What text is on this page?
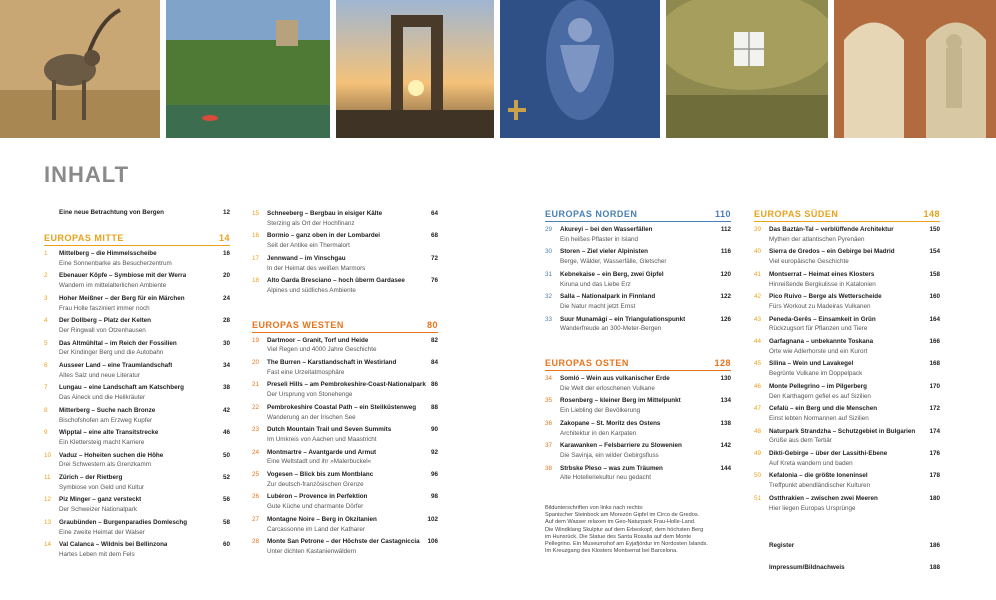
INHALT
Eine neue Betrachtung von Bergen	12
EUROPAS MITTE	14
1 Mittelberg – die Himmelsscheibe	16
Eine Sonnenbarke als Besucherzentrum
2 Ebenauer Köpfe – Symbiose mit der Werra	20
Wandern im mittelalterlichen Ambiente
3 Hoher Meißner – der Berg für ein Märchen	24
Frau Holle fasziniert immer noch
4 Der Dollberg – Platz der Kelten	28
Der Ringwall von Otzenhausen
5 Das Altmühltal – im Reich der Fossilien	30
Der Kindinger Berg und die Autobahn
6 Ausseer Land – eine Traumlandschaft	34
Altes Salz und neue Literatur
7 Lungau – eine Landschaft am Katschberg	38
Das Aineck und die Heilkräuter
8 Mitterberg – Suche nach Bronze	42
Bischofshofen am Erzweg Kupfer
9 Wipptal – eine alte Transitstrecke	46
Ein Klettersteig macht Karriere
10 Vaduz – Hoheiten suchen die Höhe	50
Drei Schwestern als Grenzkamm
11 Zürich – der Rietberg	52
Symbiose von Geld und Kultur
12 Piz Minger – ganz versteckt	56
Der Schweizer Nationalpark
13 Graubünden – Burgenparadies Domleschg	58
Eine zweite Heimat der Walser
14 Val Calanca – Wildnis bei Bellinzona	60
Hartes Leben mit dem Fels
15 Schneeberg – Bergbau in eisiger Kälte	64
Sterzing als Ort der Hochfinanz
16 Bormio – ganz oben in der Lombardei	68
Seit der Antike ein Thermalort
17 Jennwand – im Vinschgau	72
In der Heimat des weißen Marmors
18 Alto Garda Bresciano – hoch überm Gardasee	76
Alpines und südliches Ambiente
EUROPAS WESTEN	80
19 Dartmoor – Granit, Torf und Heide	82
Viel Regen und 4000 Jahre Geschichte
20 The Burren – Karstlandschaft in Westirland	84
Fast eine Urzeitatmosphäre
21 Preseli Hills – am Pembrokeshire-Coast-Nationalpark 86
Der Ursprung von Stonehenge
22 Pembrokeshire Coastal Path – ein Steilküstenweg	88
Wanderung an der Irischen See
23 Dutch Mountain Trail und Seven Summits	90
Im Umkreis von Aachen und Maastricht
24 Montmartre – Avantgarde und Armut	92
Eine Weltstadt und ihr »Malerbuckel«
25 Vogesen – Blick bis zum Montblanc	96
Zur deutsch-französischen Grenze
26 Lubéron – Provence in Perfektion	98
Gute Küche und charmante Dörfer
27 Montagne Noire – Berg in Okzitanien	102
Carcassonne im Land der Katharer
28 Monte San Petrone – der Höchste der Castagniccia	106
Unter dichten Kastanienwäldern
EUROPAS NORDEN	110
29 Akureyi – bei den Wasserfällen	112
Ein heißes Pflaster in Island
30 Storen – Ziel vieler Alpinisten	116
Berge, Wälder, Wasserfälle, Gletscher
31 Kebnekaise – ein Berg, zwei Gipfel	120
Kiruna und das Liebe Erz
32 Salla – Nationalpark in Finnland	122
Die Natur macht jetzt Ernst
33 Suur Munamägi – ein Triangulationspunkt	126
Wanderfreude an 300-Meter-Bergen
EUROPAS OSTEN	128
34 Somló – Wein aus vulkanischer Erde	130
Die Welt der erloschenen Vulkane
35 Rosenberg – kleiner Berg im Mittelpunkt	134
Ein Liebling der Bevölkerung
36 Zakopane – St. Moritz des Ostens	138
Architektur in den Karpaten
37 Karawanken – Felsbarriere zu Slowenien	142
Die Savinja, ein wilder Gebirgsfluss
38 Strbske Pleso – was zum Träumen	144
Alte Hotelleriekultur neu gedacht
Bildunterschriften von links nach rechts:
Spanischer Steinbock am Morezón Gipfel im Circo de Gredos.
Auf dem Wasser relaxen im Geo-Naturpark Frau-Holle-Land.
Die Windklang Skulptur auf dem Erbeskopf, dem höchsten Berg
im Hunsrück. Die Statue des Santa Rosalia auf dem Monte
Pellegrino. Ein Museumshof am Eyjafjördur im Nordosten Islands.
Im Kreuzgang des Klosters Montserrat bei Barcelona.
EUROPAS SÜDEN	148
39 Das Baztán-Tal – verblüffende Architektur	150
Mythen der atlantischen Pyrenäen
40 Sierra de Gredos – ein Gebirge bei Madrid	154
Viel europäische Geschichte
41 Montserrat – Heimat eines Klosters	158
Hinreißende Bergkulisse in Katalonien
42 Pico Ruivo – Berge als Wetterscheide	160
Fürs Workout zu Madeiras Vulkanen
43 Peneda-Gerês – Einsamkeit in Grün	164
Rückzugsort für Pflanzen und Tiere
44 Garfagnana – unbekannte Toskana	166
Orte wie Adlerhorste und ein Kurort
45 Silina – Wein und Lavakegel	168
Begrünte Vulkane im Doppelpack
46 Monte Pellegrino – im Pilgerberg	170
Den Karthagern gefiel es auf Sizilien
47 Cefalù – ein Berg und die Menschen	172
Einst lebten Normannen auf Sizilien
48 Naturpark Strandzha – Schutzgebiet in Bulgarien	174
Grüße aus dem Tertiär
49 Dikti-Gebirge – über der Lassithi-Ebene	176
Auf Kreta wandern und baden
50 Kefalonia – die größte Ioneninsel	178
Treffpunkt abendländischer Kulturen
51 Ostthrakien – zwischen zwei Meeren	180
Hier liegen Europas Ursprünge
Register	186
Impressum/Bildnachweis	188
